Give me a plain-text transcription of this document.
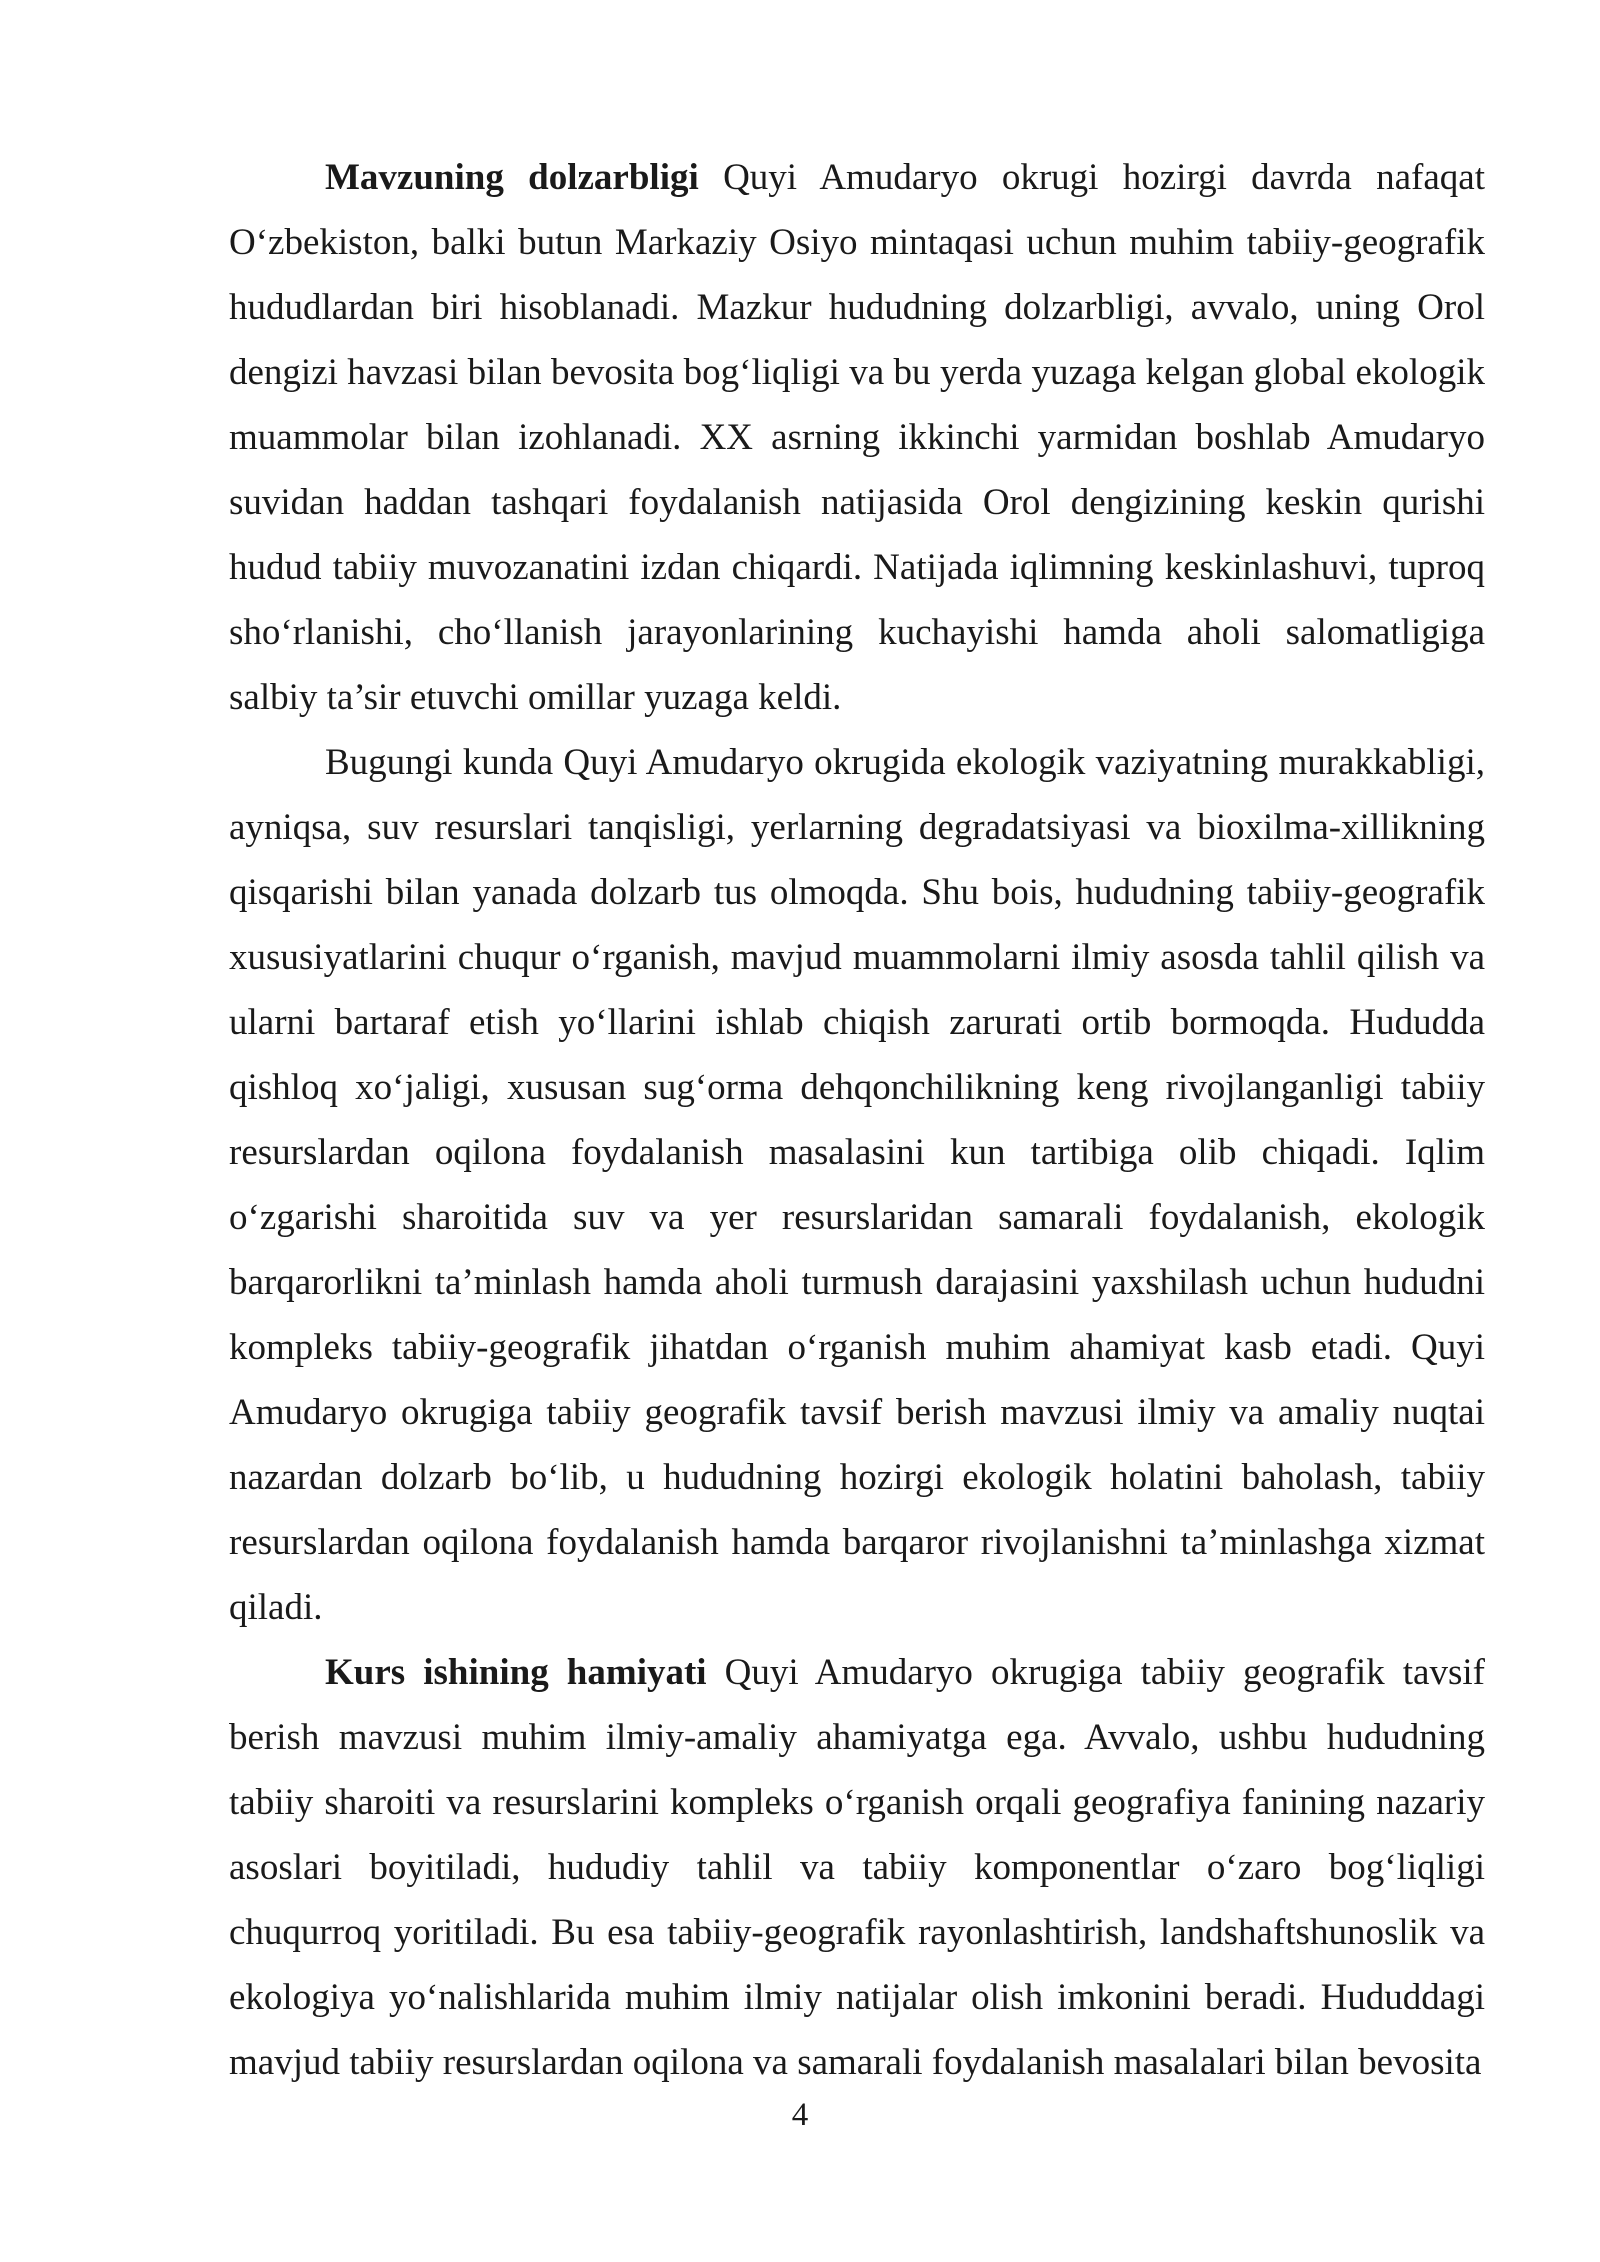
Mavzuning dolzarbligi Quyi Amudaryo okrugi hozirgi davrda nafaqat O‘zbekiston, balki butun Markaziy Osiyo mintaqasi uchun muhim tabiiy-geografik hududlardan biri hisoblanadi. Mazkur hududning dolzarbligi, avvalo, uning Orol dengizi havzasi bilan bevosita bog‘liqligi va bu yerda yuzaga kelgan global ekologik muammolar bilan izohlanadi. XX asrning ikkinchi yarmidan boshlab Amudaryo suvidan haddan tashqari foydalanish natijasida Orol dengizining keskin qurishi hudud tabiiy muvozanatini izdan chiqardi. Natijada iqlimning keskinlashuvi, tuproq sho‘rlanishi, cho‘llanish jarayonlarining kuchayishi hamda aholi salomatligiga salbiy ta’sir etuvchi omillar yuzaga keldi.

Bugungi kunda Quyi Amudaryo okrugida ekologik vaziyatning murakkabligi, ayniqsa, suv resurslari tanqisligi, yerlarning degradatsiyasi va bioxilma-xillikning qisqarishi bilan yanada dolzarb tus olmoqda. Shu bois, hududning tabiiy-geografik xususiyatlarini chuqur o‘rganish, mavjud muammolarni ilmiy asosda tahlil qilish va ularni bartaraf etish yo‘llarini ishlab chiqish zarurati ortib bormoqda. Hududda qishloq xo‘jaligi, xususan sug‘orma dehqonchilikning keng rivojlanganligi tabiiy resurslardan oqilona foydalanish masalasini kun tartibiga olib chiqadi. Iqlim o‘zgarishi sharoitida suv va yer resurslaridan samarali foydalanish, ekologik barqarorlikni ta’minlash hamda aholi turmush darajasini yaxshilash uchun hududni kompleks tabiiy-geografik jihatdan o‘rganish muhim ahamiyat kasb etadi. Quyi Amudaryo okrugiga tabiiy geografik tavsif berish mavzusi ilmiy va amaliy nuqtai nazardan dolzarb bo‘lib, u hududning hozirgi ekologik holatini baholash, tabiiy resurslardan oqilona foydalanish hamda barqaror rivojlanishni ta’minlashga xizmat qiladi.

Kurs ishining hamiyati Quyi Amudaryo okrugiga tabiiy geografik tavsif berish mavzusi muhim ilmiy-amaliy ahamiyatga ega. Avvalo, ushbu hududning tabiiy sharoiti va resurslarini kompleks o‘rganish orqali geografiya fanining nazariy asoslari boyitiladi, hududiy tahlil va tabiiy komponentlar o‘zaro bog‘liqligi chuqurroq yoritiladi. Bu esa tabiiy-geografik rayonlashtirish, landshaftshunoslik va ekologiya yo‘nalishlarida muhim ilmiy natijalar olish imkonini beradi. Hududdagi mavjud tabiiy resurslardan oqilona va samarali foydalanish masalalari bilan bevosita

4
